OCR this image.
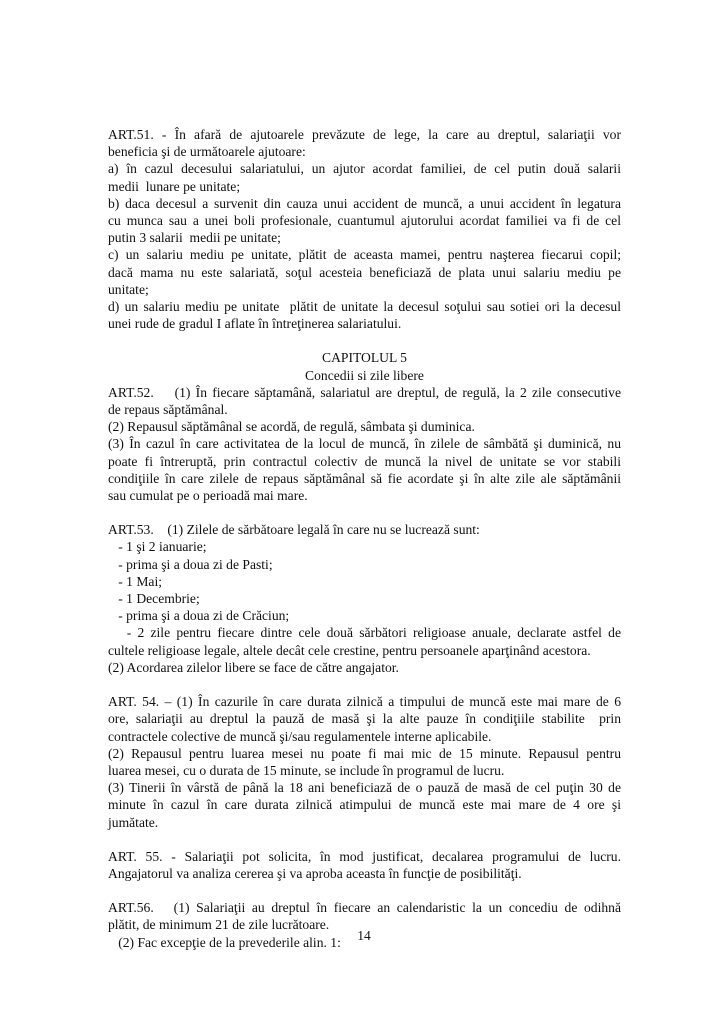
ART.51. - În afară de ajutoarele prevăzute de lege, la care au dreptul, salariaţii vor
beneficia şi de următoarele ajutoare:
a) în cazul decesului salariatului, un ajutor acordat familiei, de cel putin două salarii
medii  lunare pe unitate;
b) daca decesul a survenit din cauza unui accident de muncă, a unui accident în legatura
cu munca sau a unei boli profesionale, cuantumul ajutorului acordat familiei va fi de cel
putin 3 salarii  medii pe unitate;
c) un salariu mediu pe unitate, plătit de aceasta mamei, pentru naşterea fiecarui copil;
dacă mama nu este salariată, soţul acesteia beneficiază de plata unui salariu mediu pe
unitate;
d) un salariu mediu pe unitate  plătit de unitate la decesul soţului sau sotiei ori la decesul
unei rude de gradul I aflate în întreţinerea salariatului.

CAPITOLUL 5

Concedii si zile libere

ART.52.    (1) În fiecare săptamână, salariatul are dreptul, de regulă, la 2 zile consecutive
de repaus săptămânal.
(2) Repausul săptămânal se acordă, de regulă, sâmbata şi duminica.
(3) În cazul în care activitatea de la locul de muncă, în zilele de sâmbătă şi duminică, nu
poate fi întreruptă, prin contractul colectiv de muncă la nivel de unitate se vor stabili
condiţiile în care zilele de repaus săptămânal să fie acordate şi în alte zile ale săptămânii
sau cumulat pe o perioadă mai mare.
ART.53.    (1) Zilele de sărbătoare legală în care nu se lucrează sunt:
- 1 şi 2 ianuarie;
- prima şi a doua zi de Pasti;
- 1 Mai;
- 1 Decembrie;
- prima şi a doua zi de Crăciun;
- 2 zile pentru fiecare dintre cele două sărbători religioase anuale, declarate astfel de
cultele religioase legale, altele decât cele crestine, pentru persoanele aparţinând acestora.
(2) Acordarea zilelor libere se face de către angajator.
ART. 54. – (1) În cazurile în care durata zilnică a timpului de muncă este mai mare de 6
ore, salariaţii au dreptul la pauză de masă şi la alte pauze în condiţiile stabilite  prin
contractele colective de muncă şi/sau regulamentele interne aplicabile.
(2) Repausul pentru luarea mesei nu poate fi mai mic de 15 minute. Repausul pentru
luarea mesei, cu o durata de 15 minute, se include în programul de lucru.
(3) Tinerii în vârstă de până la 18 ani beneficiază de o pauză de masă de cel puţin 30 de
minute în cazul în care durata zilnică atimpului de muncă este mai mare de 4 ore şi
jumătate.
ART. 55. - Salariaţii pot solicita, în mod justificat, decalarea programului de lucru.
Angajatorul va analiza cererea şi va aproba aceasta în funcţie de posibilităţi.
ART.56.   (1) Salariaţii au dreptul în fiecare an calendaristic la un concediu de odihnă
plătit, de minimum 21 de zile lucrătoare.
(2) Fac excepţie de la prevederile alin. 1:	14
